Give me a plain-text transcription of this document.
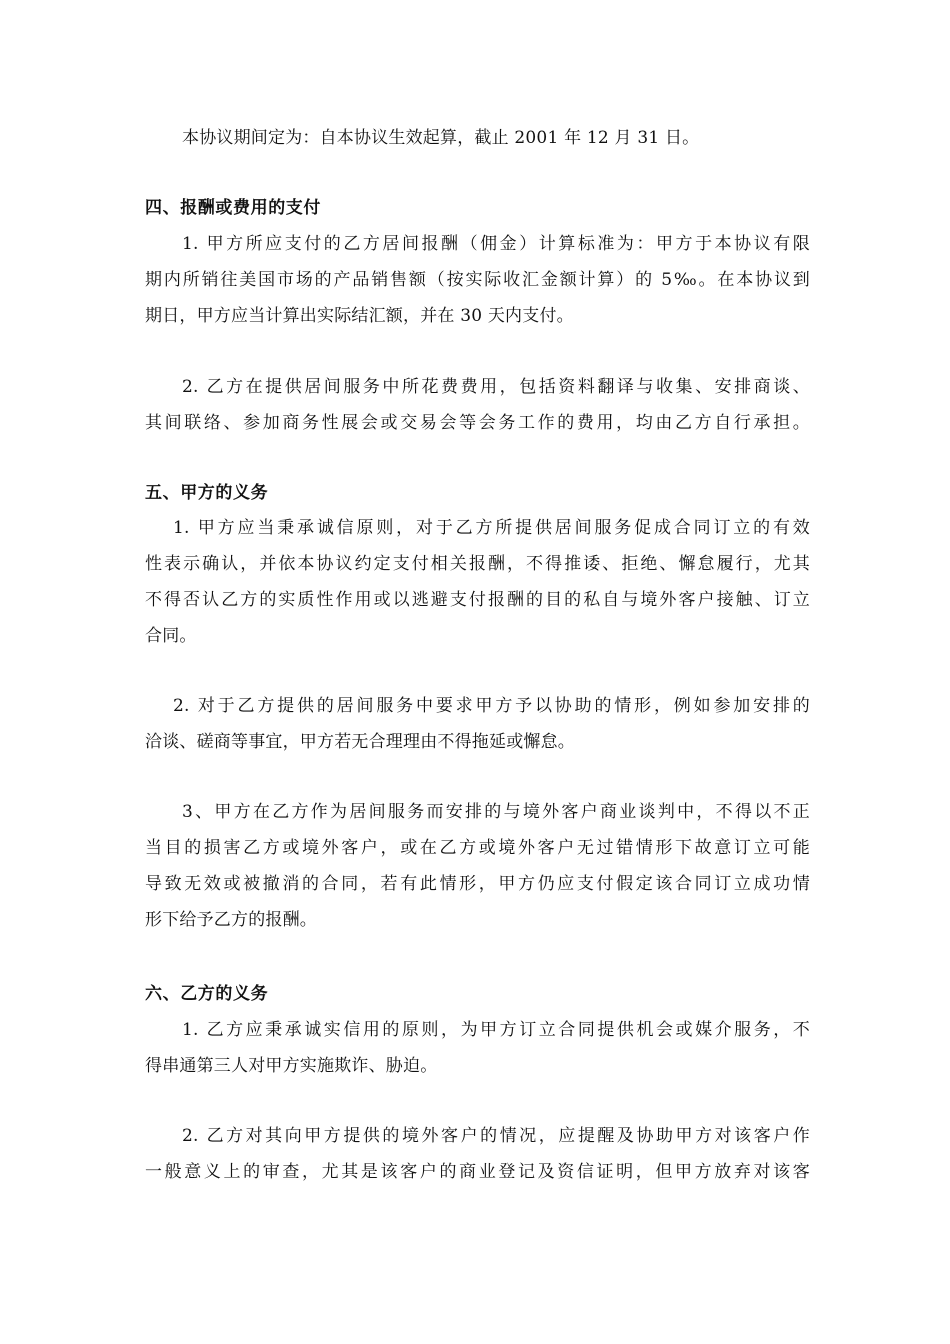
本协议期间定为：自本协议生效起算，截止 2001 年 12 月 31 日。
四、报酬或费用的支付
1. 甲方所应支付的乙方居间报酬（佣金）计算标准为：甲方于本协议有限
期内所销往美国市场的产品销售额（按实际收汇金额计算）的 5‰。在本协议到
期日，甲方应当计算出实际结汇额，并在 30 天内支付。
2. 乙方在提供居间服务中所花费费用，包括资料翻译与收集、安排商谈、
其间联络、参加商务性展会或交易会等会务工作的费用，均由乙方自行承担。
五、甲方的义务
1. 甲方应当秉承诚信原则，对于乙方所提供居间服务促成合同订立的有效
性表示确认，并依本协议约定支付相关报酬，不得推诿、拒绝、懈怠履行，尤其
不得否认乙方的实质性作用或以逃避支付报酬的目的私自与境外客户接触、订立
合同。
2. 对于乙方提供的居间服务中要求甲方予以协助的情形，例如参加安排的
洽谈、磋商等事宜，甲方若无合理理由不得拖延或懈怠。
3、甲方在乙方作为居间服务而安排的与境外客户商业谈判中，不得以不正
当目的损害乙方或境外客户，或在乙方或境外客户无过错情形下故意订立可能
导致无效或被撤消的合同，若有此情形，甲方仍应支付假定该合同订立成功情
形下给予乙方的报酬。
六、乙方的义务
1. 乙方应秉承诚实信用的原则，为甲方订立合同提供机会或媒介服务，不
得串通第三人对甲方实施欺诈、胁迫。
2. 乙方对其向甲方提供的境外客户的情况，应提醒及协助甲方对该客户作
一般意义上的审查，尤其是该客户的商业登记及资信证明，但甲方放弃对该客
